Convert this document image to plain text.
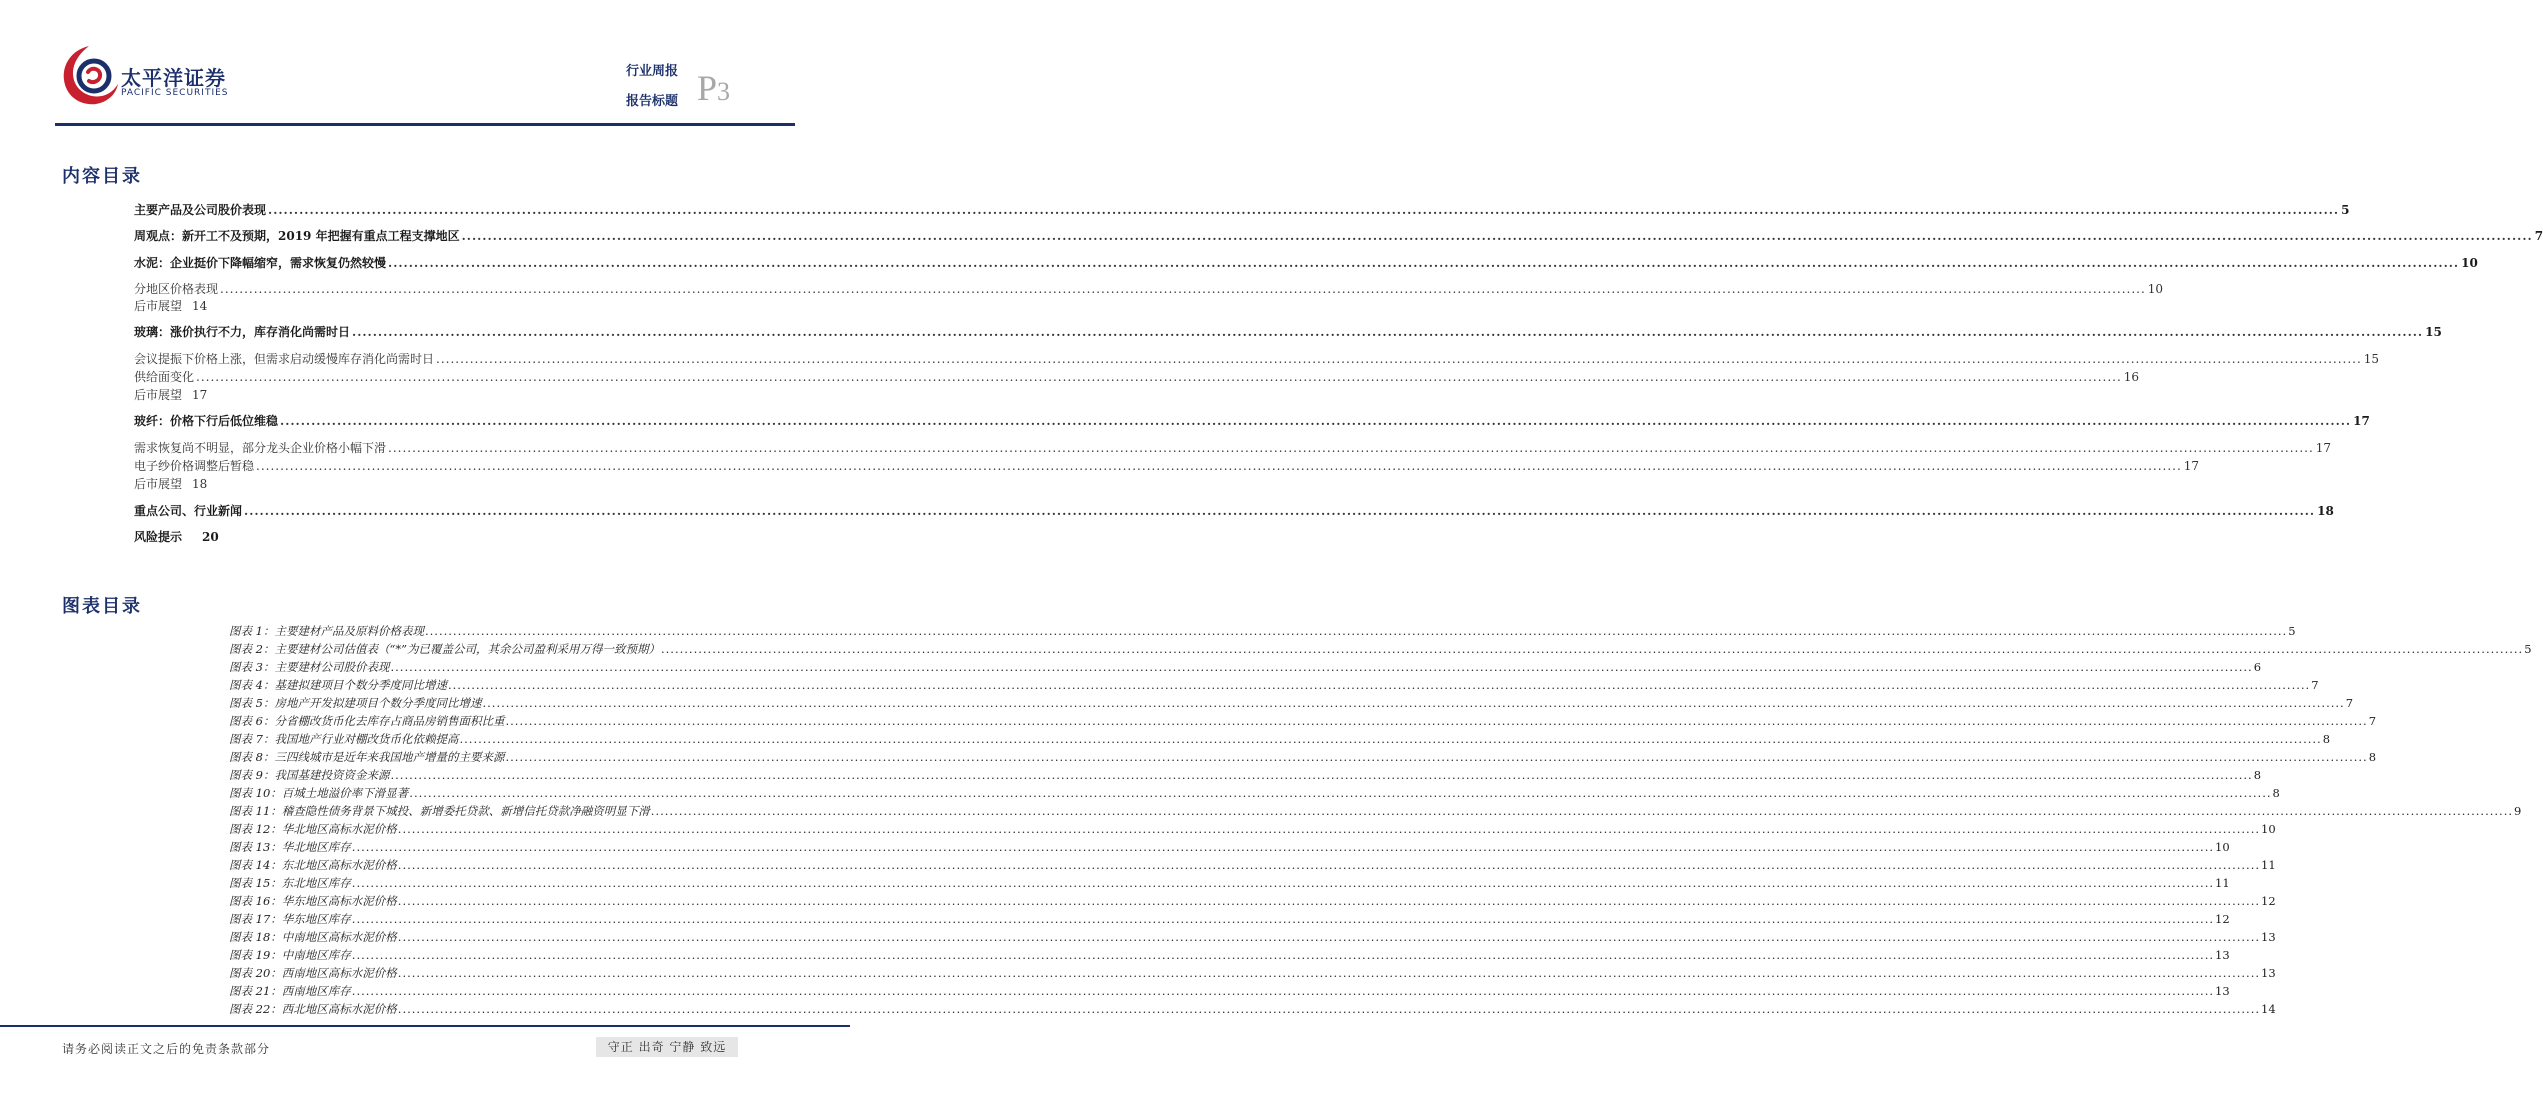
太平洋证券
PACIFIC SECURITIES
行业周报
报告标题 P3
内容目录
主要产品及公司股价表现 ................................................................................................................................................................................................................................................................................................................................................................................................................ 5
周观点：新开工不及预期，2019 年把握有重点工程支撑地区 ................................................................................................................................................................................................................................................................................................................................................................................................................ 7
水泥：企业挺价下降幅缩窄，需求恢复仍然较慢 ................................................................................................................................................................................................................................................................................................................................................................................................................ 10
分地区价格表现 ................................................................................................................................................................................................................................................................................................................................................................................................................ 10
后市展望 14
玻璃：涨价执行不力，库存消化尚需时日 ................................................................................................................................................................................................................................................................................................................................................................................................................ 15
会议提振下价格上涨，但需求启动缓慢库存消化尚需时日 ................................................................................................................................................................................................................................................................................................................................................................................................................ 15
供给面变化 ................................................................................................................................................................................................................................................................................................................................................................................................................ 16
后市展望 17
玻纤：价格下行后低位维稳 ................................................................................................................................................................................................................................................................................................................................................................................................................ 17
需求恢复尚不明显，部分龙头企业价格小幅下滑 ................................................................................................................................................................................................................................................................................................................................................................................................................ 17
电子纱价格调整后暂稳 ................................................................................................................................................................................................................................................................................................................................................................................................................ 17
后市展望 18
重点公司、行业新闻 ................................................................................................................................................................................................................................................................................................................................................................................................................ 18
风险提示 20
图表目录
图表 1：主要建材产品及原料价格表现 ................................................................................................................................................................................................................................................................................................................................................................................................................ 5
图表 2：主要建材公司估值表（“*”为已覆盖公司，其余公司盈利采用万得一致预期） ................................................................................................................................................................................................................................................................................................................................................................................................................ 5
图表 3：主要建材公司股价表现 ................................................................................................................................................................................................................................................................................................................................................................................................................ 6
图表 4：基建拟建项目个数分季度同比增速 ................................................................................................................................................................................................................................................................................................................................................................................................................ 7
图表 5：房地产开发拟建项目个数分季度同比增速 ................................................................................................................................................................................................................................................................................................................................................................................................................ 7
图表 6：分省棚改货币化去库存占商品房销售面积比重 ................................................................................................................................................................................................................................................................................................................................................................................................................ 7
图表 7：我国地产行业对棚改货币化依赖提高 ................................................................................................................................................................................................................................................................................................................................................................................................................ 8
图表 8：三四线城市是近年来我国地产增量的主要来源 ................................................................................................................................................................................................................................................................................................................................................................................................................ 8
图表 9：我国基建投资资金来源 ................................................................................................................................................................................................................................................................................................................................................................................................................ 8
图表 10：百城土地溢价率下滑显著 ................................................................................................................................................................................................................................................................................................................................................................................................................ 8
图表 11：稽查隐性债务背景下城投、新增委托贷款、新增信托贷款净融资明显下滑 ................................................................................................................................................................................................................................................................................................................................................................................................................ 9
图表 12：华北地区高标水泥价格 ................................................................................................................................................................................................................................................................................................................................................................................................................ 10
图表 13：华北地区库存 ................................................................................................................................................................................................................................................................................................................................................................................................................ 10
图表 14：东北地区高标水泥价格 ................................................................................................................................................................................................................................................................................................................................................................................................................ 11
图表 15：东北地区库存 ................................................................................................................................................................................................................................................................................................................................................................................................................ 11
图表 16：华东地区高标水泥价格 ................................................................................................................................................................................................................................................................................................................................................................................................................ 12
图表 17：华东地区库存 ................................................................................................................................................................................................................................................................................................................................................................................................................ 12
图表 18：中南地区高标水泥价格 ................................................................................................................................................................................................................................................................................................................................................................................................................ 13
图表 19：中南地区库存 ................................................................................................................................................................................................................................................................................................................................................................................................................ 13
图表 20：西南地区高标水泥价格 ................................................................................................................................................................................................................................................................................................................................................................................................................ 13
图表 21：西南地区库存 ................................................................................................................................................................................................................................................................................................................................................................................................................ 13
图表 22：西北地区高标水泥价格 ................................................................................................................................................................................................................................................................................................................................................................................................................ 14
请务必阅读正文之后的免责条款部分	守正 出奇 宁静 致远
